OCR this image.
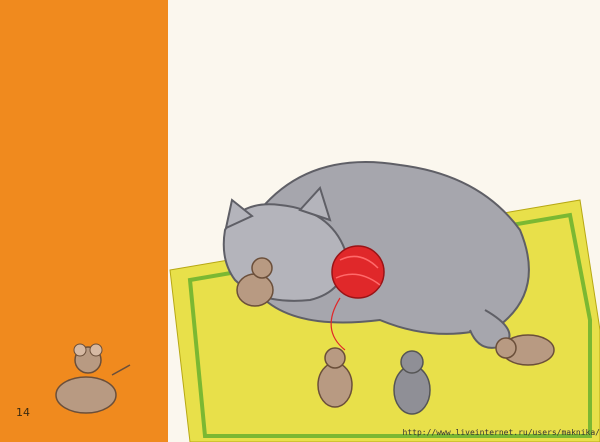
14
http://www.liveinternet.ru/users/maknika/
